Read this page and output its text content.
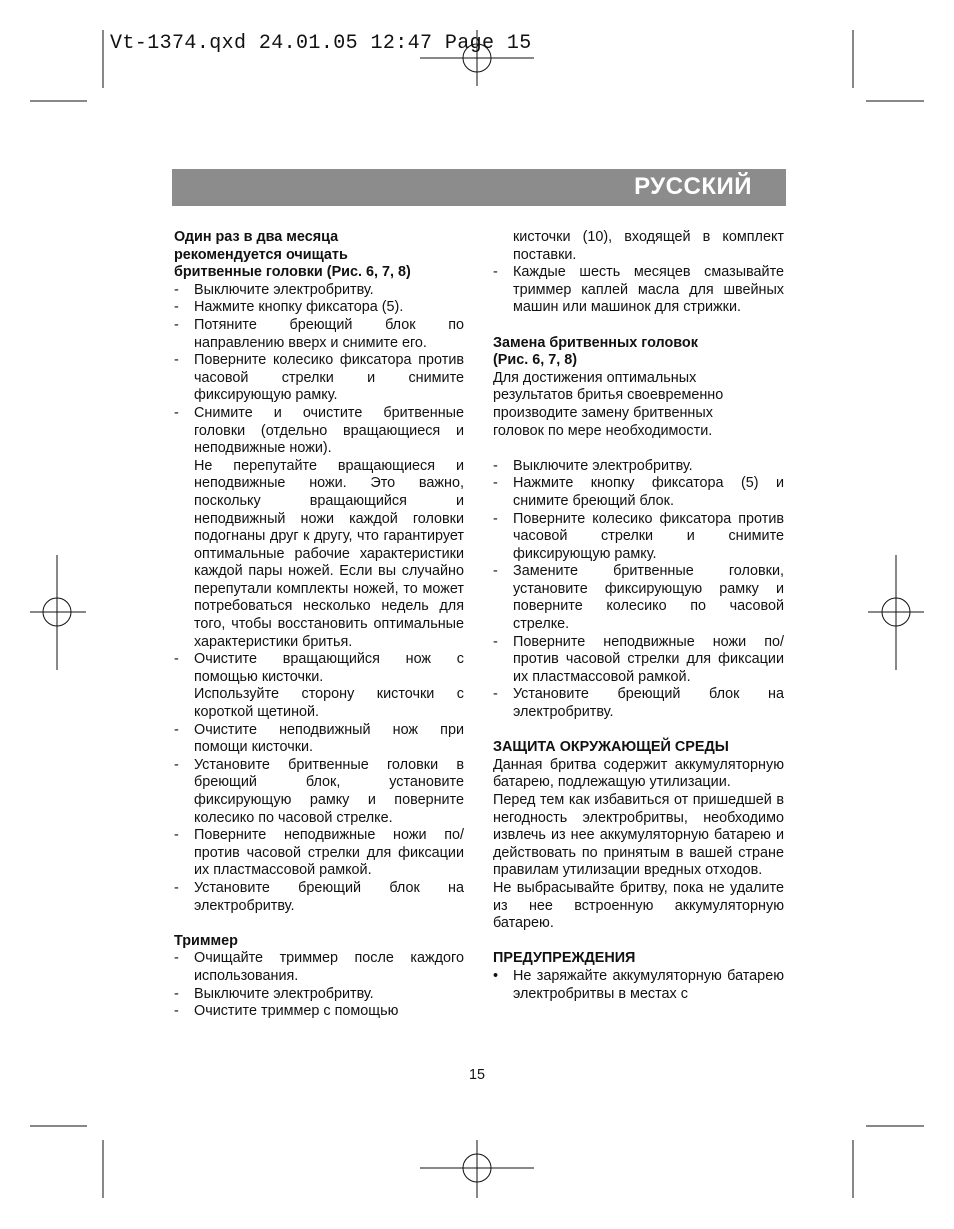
Vt-1374.qxd 24.01.05 12:47 Page 15
РУССКИЙ
Один раз в два месяца
рекомендуется очищать
бритвенные головки (Рис. 6, 7, 8)
- Выключите электробритву.
- Нажмите кнопку фиксатора (5).
- Потяните бреющий блок по направлению вверх и снимите его.
- Поверните колесико фиксатора против часовой стрелки и снимите фиксирующую рамку.
- Снимите и очистите бритвенные головки (отдельно вращающиеся и неподвижные ножи).
Не перепутайте вращающиеся и неподвижные ножи. Это важно, поскольку вращающийся и неподвижный ножи каждой головки подогнаны друг к другу, что гарантирует оптимальные рабочие характеристики каждой пары ножей. Если вы случайно перепутали комплекты ножей, то может потребоваться несколько недель для того, чтобы восстановить оптимальные характеристики бритья.
- Очистите вращающийся нож с помощью кисточки.
Используйте сторону кисточки с короткой щетиной.
- Очистите неподвижный нож при помощи кисточки.
- Установите бритвенные головки в бреющий блок, установите фиксирующую рамку и поверните колесико по часовой стрелке.
- Поверните неподвижные ножи по/против часовой стрелки для фиксации их пластмассовой рамкой.
- Установите бреющий блок на электробритву.
Триммер
- Очищайте триммер после каждого использования.
- Выключите электробритву.
- Очистите триммер с помощью
кисточки (10), входящей в комплект поставки.
- Каждые шесть месяцев смазывайте триммер каплей масла для швейных машин или машинок для стрижки.
Замена бритвенных головок
(Рис. 6, 7, 8)
Для достижения оптимальных
результатов бритья своевременно
производите замену бритвенных
головок по мере необходимости.
- Выключите электробритву.
- Нажмите кнопку фиксатора (5) и снимите бреющий блок.
- Поверните колесико фиксатора против часовой стрелки и снимите фиксирующую рамку.
- Замените бритвенные головки, установите фиксирующую рамку и поверните колесико по часовой стрелке.
- Поверните неподвижные ножи по/против часовой стрелки для фиксации их пластмассовой рамкой.
- Установите бреющий блок на электробритву.
ЗАЩИТА ОКРУЖАЮЩЕЙ СРЕДЫ
Данная бритва содержит аккумуляторную батарею, подлежащую утилизации.
Перед тем как избавиться от пришедшей в негодность электробритвы, необходимо извлечь из нее аккумуляторную батарею и действовать по принятым в вашей стране правилам утилизации вредных отходов.
Не выбрасывайте бритву, пока не удалите из нее встроенную аккумуляторную батарею.
ПРЕДУПРЕЖДЕНИЯ
• Не заряжайте аккумуляторную батарею электробритвы в местах с
15
